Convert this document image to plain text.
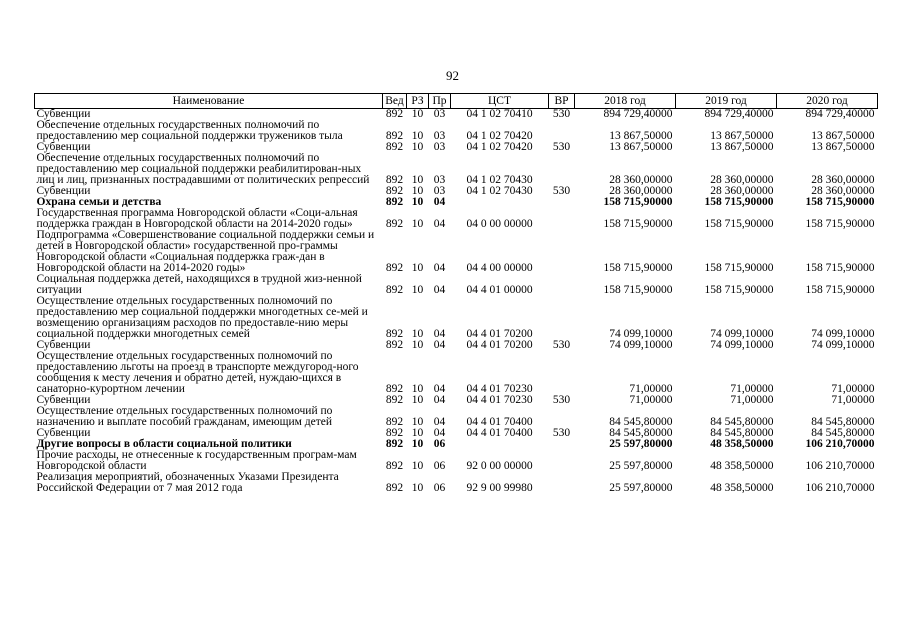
92
Наименование	Вед	РЗ	Пр	ЦСТ	ВР	2018 год	2019 год	2020 год
Субвенции	892	10	03	04 1 02 70410	530	894 729,40000	894 729,40000	894 729,40000
Обеспечение отдельных государственных полномочий по предоставлению мер социальной поддержки тружеников тыла	892	10	03	04 1 02 70420		13 867,50000	13 867,50000	13 867,50000
Субвенции	892	10	03	04 1 02 70420	530	13 867,50000	13 867,50000	13 867,50000
Обеспечение отдельных государственных полномочий по предоставлению мер социальной поддержки реабилитирован-ных лиц и лиц, признанных пострадавшими от политических репрессий	892	10	03	04 1 02 70430		28 360,00000	28 360,00000	28 360,00000
Субвенции	892	10	03	04 1 02 70430	530	28 360,00000	28 360,00000	28 360,00000
Охрана семьи и детства	892	10	04			158 715,90000	158 715,90000	158 715,90000
Государственная программа Новгородской области «Соци-альная поддержка граждан в Новгородской области на 2014-2020 годы»	892	10	04	04 0 00 00000		158 715,90000	158 715,90000	158 715,90000
Подпрограмма «Совершенствование социальной поддержки семьи и детей в Новгородской области» государственной про-граммы Новгородской области «Социальная поддержка граж-дан в Новгородской области на 2014-2020 годы»	892	10	04	04 4 00 00000		158 715,90000	158 715,90000	158 715,90000
Социальная поддержка детей, находящихся в трудной жиз-ненной ситуации	892	10	04	04 4 01 00000		158 715,90000	158 715,90000	158 715,90000
Осуществление отдельных государственных полномочий по предоставлению мер социальной поддержки многодетных се-мей и возмещению организациям расходов по предоставле-нию меры социальной поддержки многодетных семей	892	10	04	04 4 01 70200		74 099,10000	74 099,10000	74 099,10000
Субвенции	892	10	04	04 4 01 70200	530	74 099,10000	74 099,10000	74 099,10000
Осуществление отдельных государственных полномочий по предоставлению льготы на проезд в транспорте междугород-ного сообщения к месту лечения и обратно детей, нуждаю-щихся в санаторно-курортном лечении	892	10	04	04 4 01 70230		71,00000	71,00000	71,00000
Субвенции	892	10	04	04 4 01 70230	530	71,00000	71,00000	71,00000
Осуществление отдельных государственных полномочий по назначению и выплате пособий гражданам, имеющим детей	892	10	04	04 4 01 70400		84 545,80000	84 545,80000	84 545,80000
Субвенции	892	10	04	04 4 01 70400	530	84 545,80000	84 545,80000	84 545,80000
Другие вопросы в области социальной политики	892	10	06			25 597,80000	48 358,50000	106 210,70000
Прочие расходы, не отнесенные к государственным програм-мам Новгородской области	892	10	06	92 0 00 00000		25 597,80000	48 358,50000	106 210,70000
Реализация мероприятий, обозначенных Указами Президента Российской Федерации от 7 мая 2012 года	892	10	06	92 9 00 99980		25 597,80000	48 358,50000	106 210,70000
